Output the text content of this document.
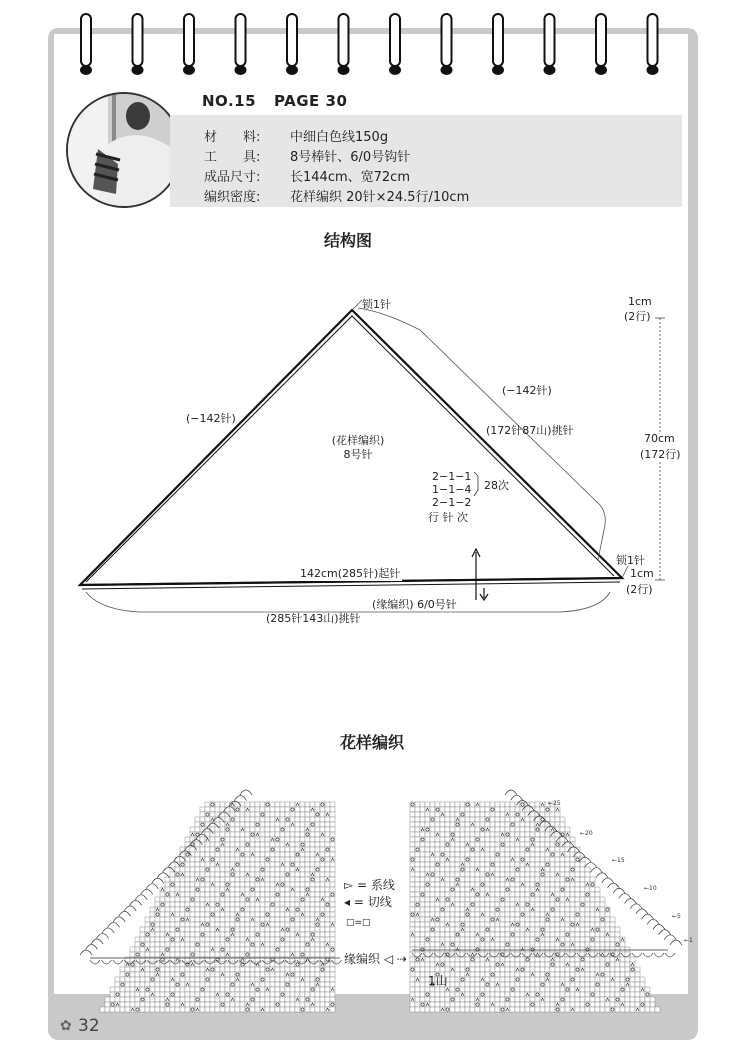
NO.15 PAGE 30
材　　料: 中细白色线150g
工　　具: 8号棒针、6/0号钩针
成品尺寸: 长144cm、宽72cm
编织密度: 花样编织 20针×24.5行/10cm
结构图
锁1针
(−142针)
(−142针)
(172针87山)挑针
(花样编织)
8号针
2−1−1
1−1−4
2−1−2
28次
行 针 次
142cm(285针)起针
(缘编织) 6/0号针
(285针143山)挑针
锁1针
1cm
(2行)
70cm
(172行)
1cm
(2行)
花样编织
←25
←20
←15
←10
←5
←1
▻ = 系线
◂ = 切线
□=□
缘编织 ◁ ⇢
1山
✿ 32
